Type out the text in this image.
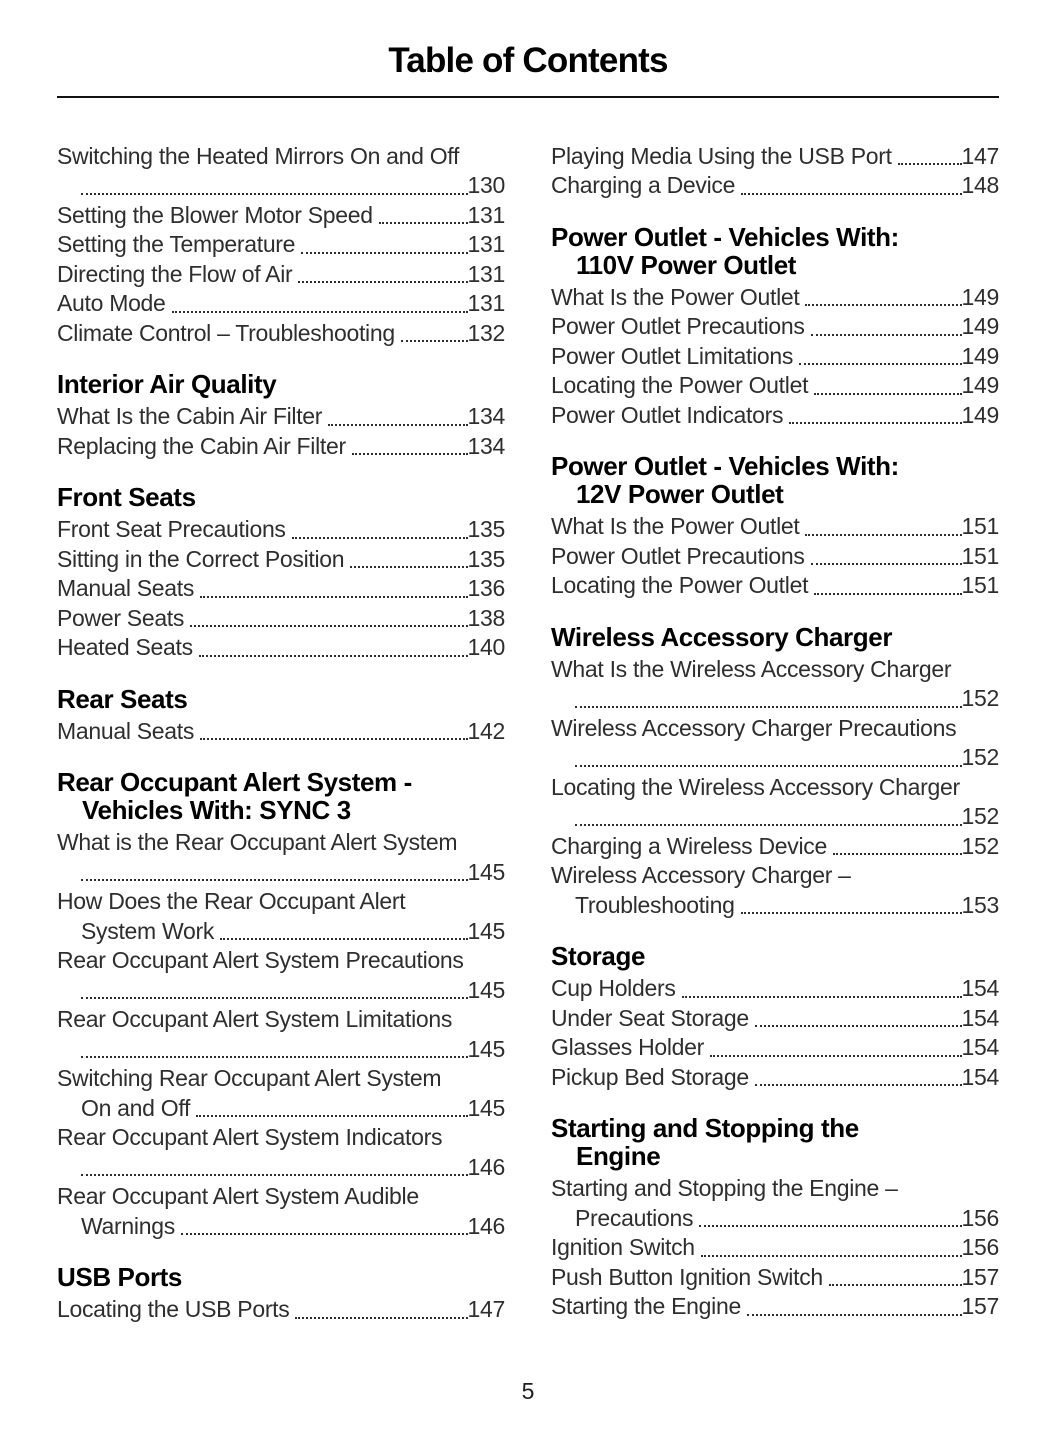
Table of Contents
Switching the Heated Mirrors On and Off
130
Setting the Blower Motor Speed	131
Setting the Temperature	131
Directing the Flow of Air	131
Auto Mode	131
Climate Control – Troubleshooting	132
Interior Air Quality
What Is the Cabin Air Filter	134
Replacing the Cabin Air Filter	134
Front Seats
Front Seat Precautions	135
Sitting in the Correct Position	135
Manual Seats	136
Power Seats	138
Heated Seats	140
Rear Seats
Manual Seats	142
Rear Occupant Alert System -
Vehicles With: SYNC 3
What is the Rear Occupant Alert System
145
How Does the Rear Occupant Alert
System Work	145
Rear Occupant Alert System Precautions
145
Rear Occupant Alert System Limitations
145
Switching Rear Occupant Alert System
On and Off	145
Rear Occupant Alert System Indicators
146
Rear Occupant Alert System Audible
Warnings	146
USB Ports
Locating the USB Ports	147
Playing Media Using the USB Port	147
Charging a Device	148
Power Outlet - Vehicles With:
110V Power Outlet
What Is the Power Outlet	149
Power Outlet Precautions	149
Power Outlet Limitations	149
Locating the Power Outlet	149
Power Outlet Indicators	149
Power Outlet - Vehicles With:
12V Power Outlet
What Is the Power Outlet	151
Power Outlet Precautions	151
Locating the Power Outlet	151
Wireless Accessory Charger
What Is the Wireless Accessory Charger
152
Wireless Accessory Charger Precautions
152
Locating the Wireless Accessory Charger
152
Charging a Wireless Device	152
Wireless Accessory Charger –
Troubleshooting	153
Storage
Cup Holders	154
Under Seat Storage	154
Glasses Holder	154
Pickup Bed Storage	154
Starting and Stopping the
Engine
Starting and Stopping the Engine –
Precautions	156
Ignition Switch	156
Push Button Ignition Switch	157
Starting the Engine	157
5
